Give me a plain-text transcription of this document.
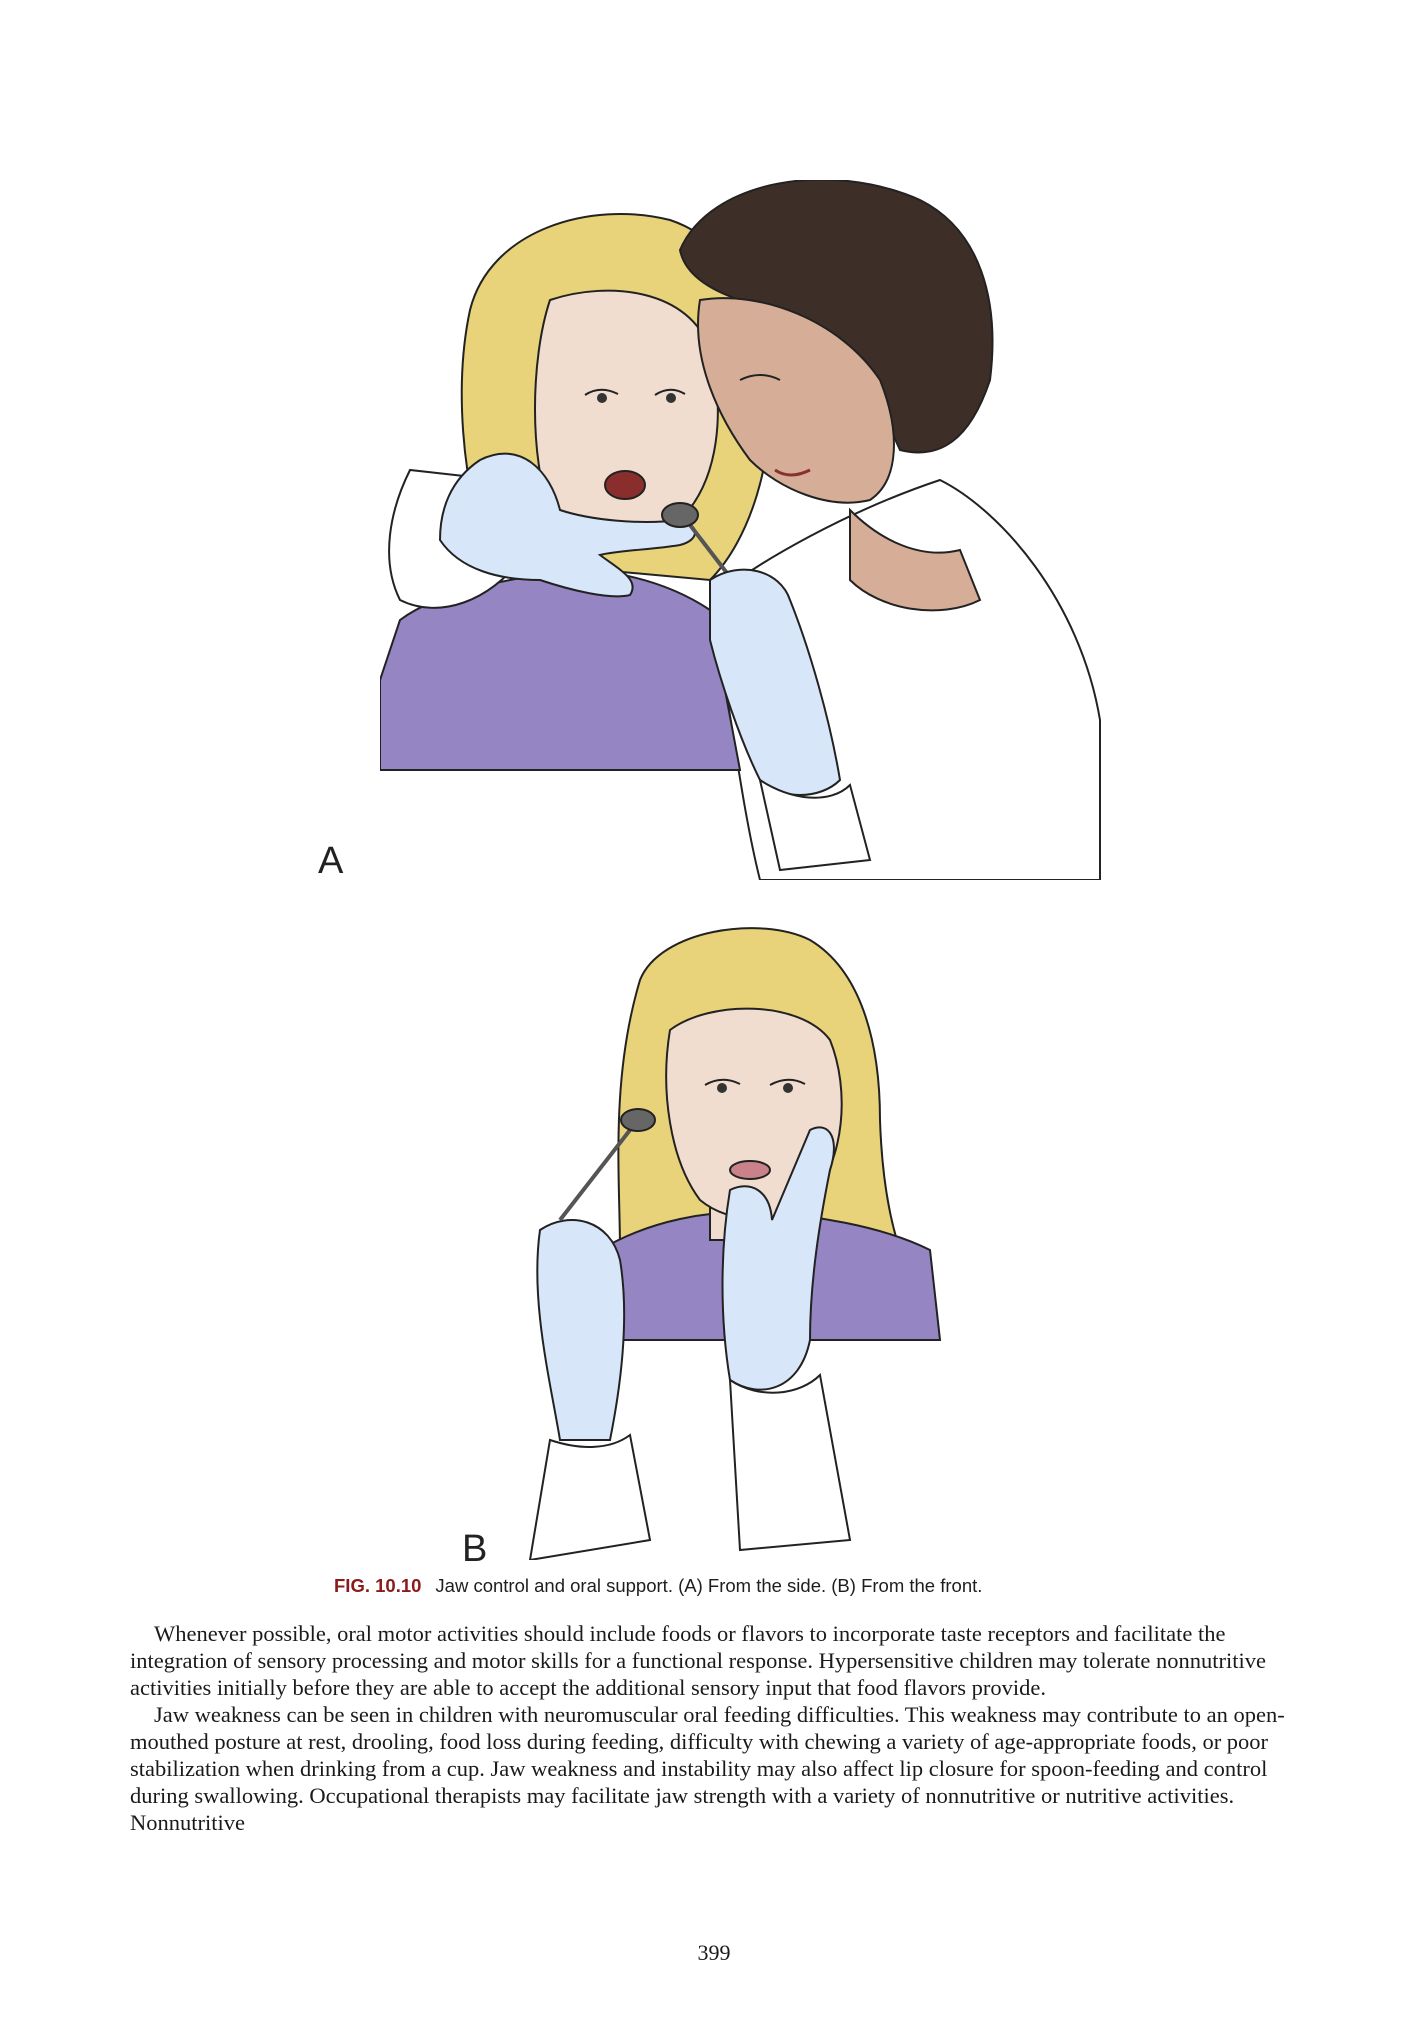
A
B
FIG. 10.10 Jaw control and oral support. (A) From the side. (B) From the front.

Whenever possible, oral motor activities should include foods or flavors to incorporate taste receptors and facilitate the integration of sensory processing and motor skills for a functional response. Hypersensitive children may tolerate nonnutritive activities initially before they are able to accept the additional sensory input that food flavors provide.

Jaw weakness can be seen in children with neuromuscular oral feeding difficulties. This weakness may contribute to an open-mouthed posture at rest, drooling, food loss during feeding, difficulty with chewing a variety of age-appropriate foods, or poor stabilization when drinking from a cup. Jaw weakness and instability may also affect lip closure for spoon-feeding and control during swallowing. Occupational therapists may facilitate jaw strength with a variety of nonnutritive or nutritive activities. Nonnutritive

399
